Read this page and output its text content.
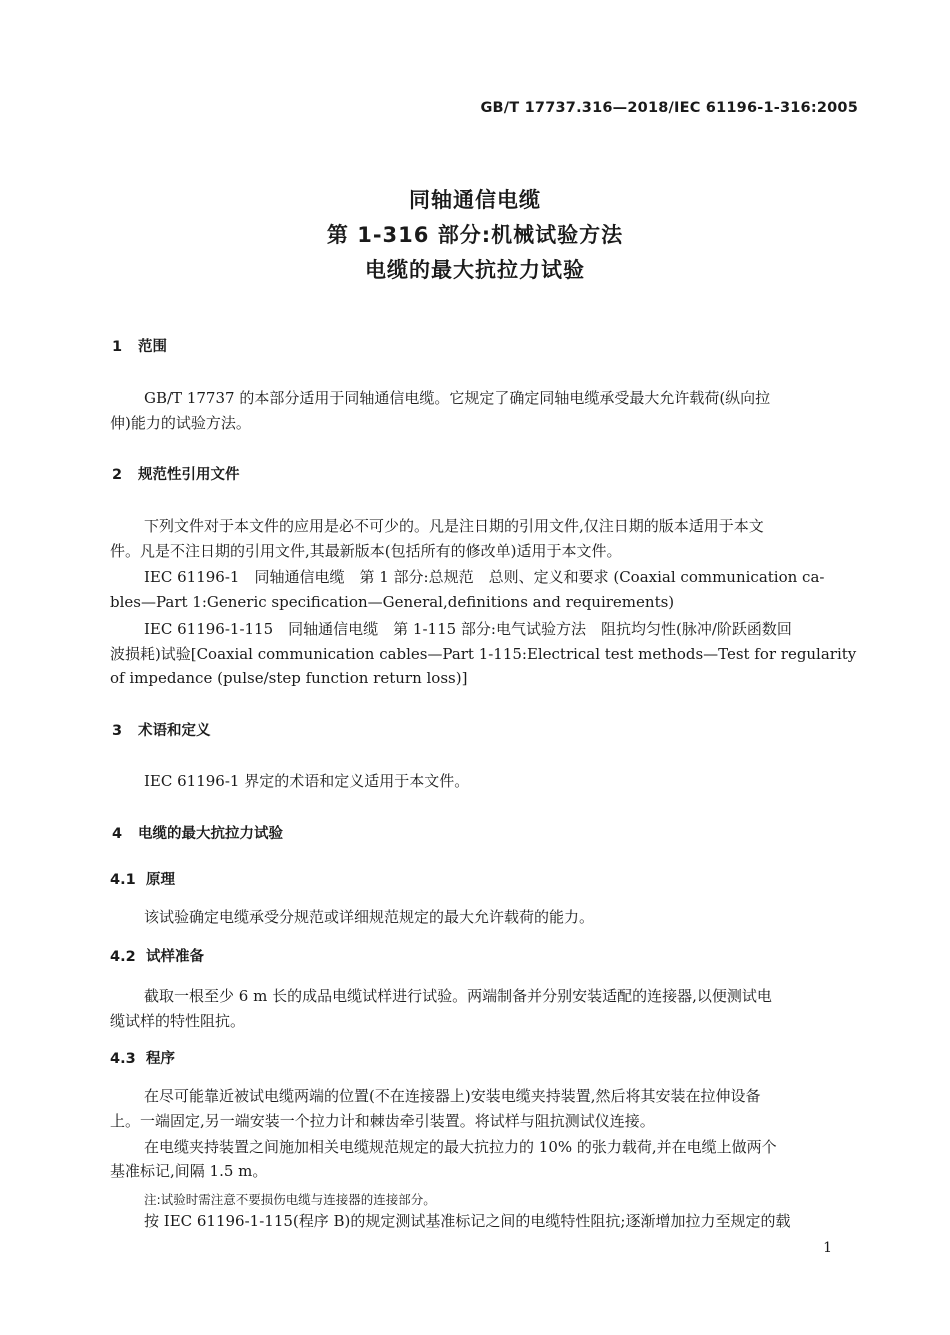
GB/T 17737.316—2018/IEC 61196-1-316:2005
同轴通信电缆
第 1-316 部分:机械试验方法
电缆的最大抗拉力试验
1 范围
GB/T 17737 的本部分适用于同轴通信电缆。它规定了确定同轴电缆承受最大允许载荷(纵向拉
伸)能力的试验方法。
2 规范性引用文件
下列文件对于本文件的应用是必不可少的。凡是注日期的引用文件,仅注日期的版本适用于本文
件。凡是不注日期的引用文件,其最新版本(包括所有的修改单)适用于本文件。
IEC 61196-1　同轴通信电缆　第 1 部分:总规范　总则、定义和要求 (Coaxial communication ca-
bles—Part 1:Generic specification—General,definitions and requirements)
IEC 61196-1-115　同轴通信电缆　第 1-115 部分:电气试验方法　阻抗均匀性(脉冲/阶跃函数回
波损耗)试验[Coaxial communication cables—Part 1-115:Electrical test methods—Test for regularity
of impedance (pulse/step function return loss)]
3 术语和定义
IEC 61196-1 界定的术语和定义适用于本文件。
4 电缆的最大抗拉力试验
4.1 原理
该试验确定电缆承受分规范或详细规范规定的最大允许载荷的能力。
4.2 试样准备
截取一根至少 6 m 长的成品电缆试样进行试验。两端制备并分别安装适配的连接器,以便测试电
缆试样的特性阻抗。
4.3 程序
在尽可能靠近被试电缆两端的位置(不在连接器上)安装电缆夹持装置,然后将其安装在拉伸设备
上。一端固定,另一端安装一个拉力计和棘齿牵引装置。将试样与阻抗测试仪连接。
在电缆夹持装置之间施加相关电缆规范规定的最大抗拉力的 10% 的张力载荷,并在电缆上做两个
基准标记,间隔 1.5 m。
注:试验时需注意不要损伤电缆与连接器的连接部分。
按 IEC 61196-1-115(程序 B)的规定测试基准标记之间的电缆特性阻抗;逐渐增加拉力至规定的载
1
